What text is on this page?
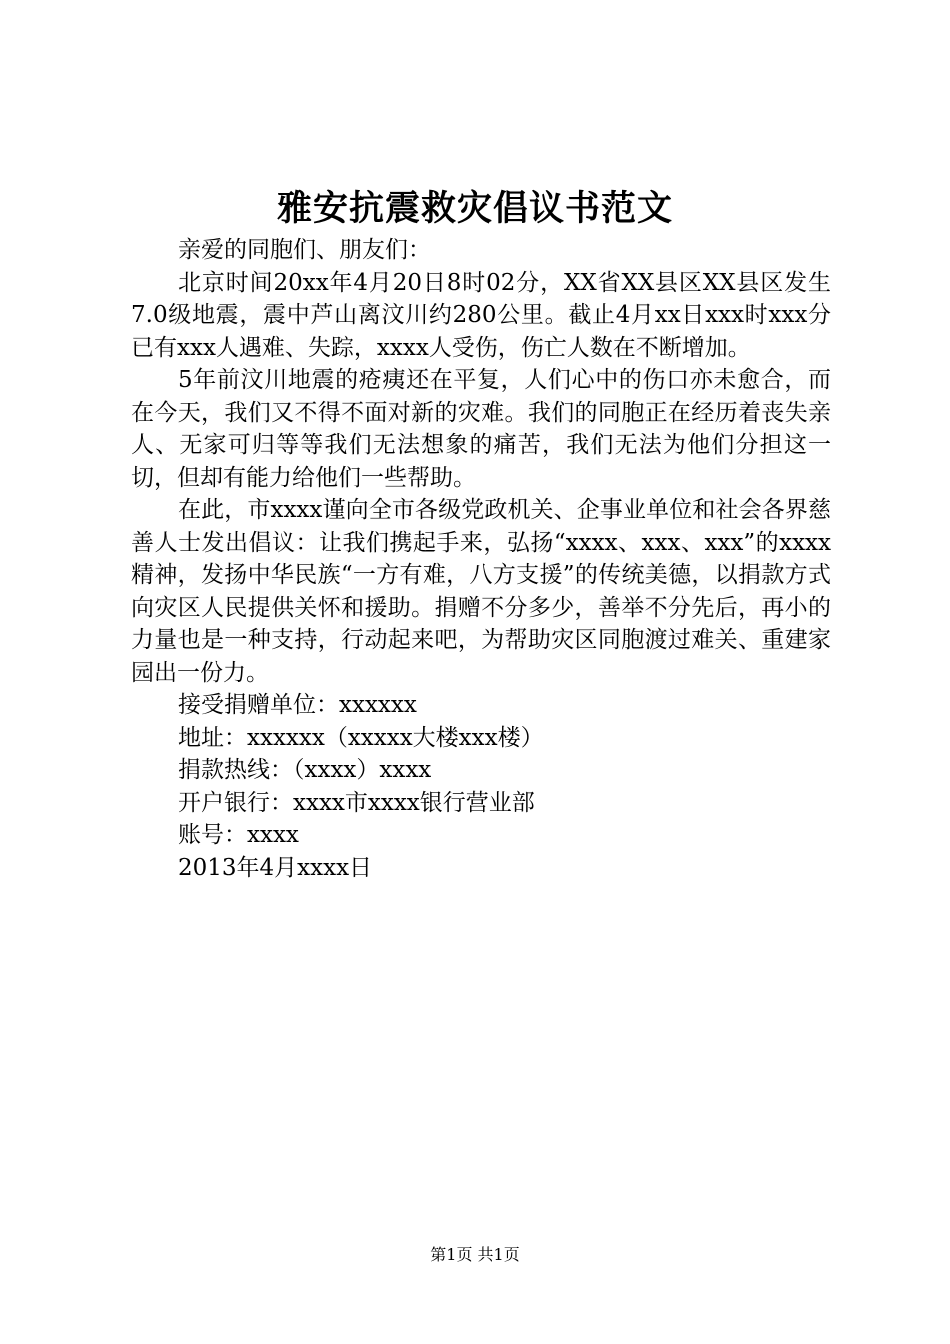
雅安抗震救灾倡议书范文

亲爱的同胞们、朋友们：

北京时间20xx年4月20日8时02分，XX省XX县区XX县区发生7.0级地震，震中芦山离汶川约280公里。截止4月xx日xxx时xxx分已有xxx人遇难、失踪，xxxx人受伤，伤亡人数在不断增加。

5年前汶川地震的疮痍还在平复，人们心中的伤口亦未愈合，而在今天，我们又不得不面对新的灾难。我们的同胞正在经历着丧失亲人、无家可归等等我们无法想象的痛苦，我们无法为他们分担这一切，但却有能力给他们一些帮助。

在此，市xxxx谨向全市各级党政机关、企事业单位和社会各界慈善人士发出倡议：让我们携起手来，弘扬“xxxx、xxx、xxx”的xxxx精神，发扬中华民族“一方有难，八方支援”的传统美德，以捐款方式向灾区人民提供关怀和援助。捐赠不分多少，善举不分先后，再小的力量也是一种支持，行动起来吧，为帮助灾区同胞渡过难关、重建家园出一份力。

接受捐赠单位：xxxxxx

地址：xxxxxx（xxxxx大楼xxx楼）

捐款热线：（xxxx）xxxx

开户银行：xxxx市xxxx银行营业部

账号：xxxx

2013年4月xxxx日

第1页 共1页
